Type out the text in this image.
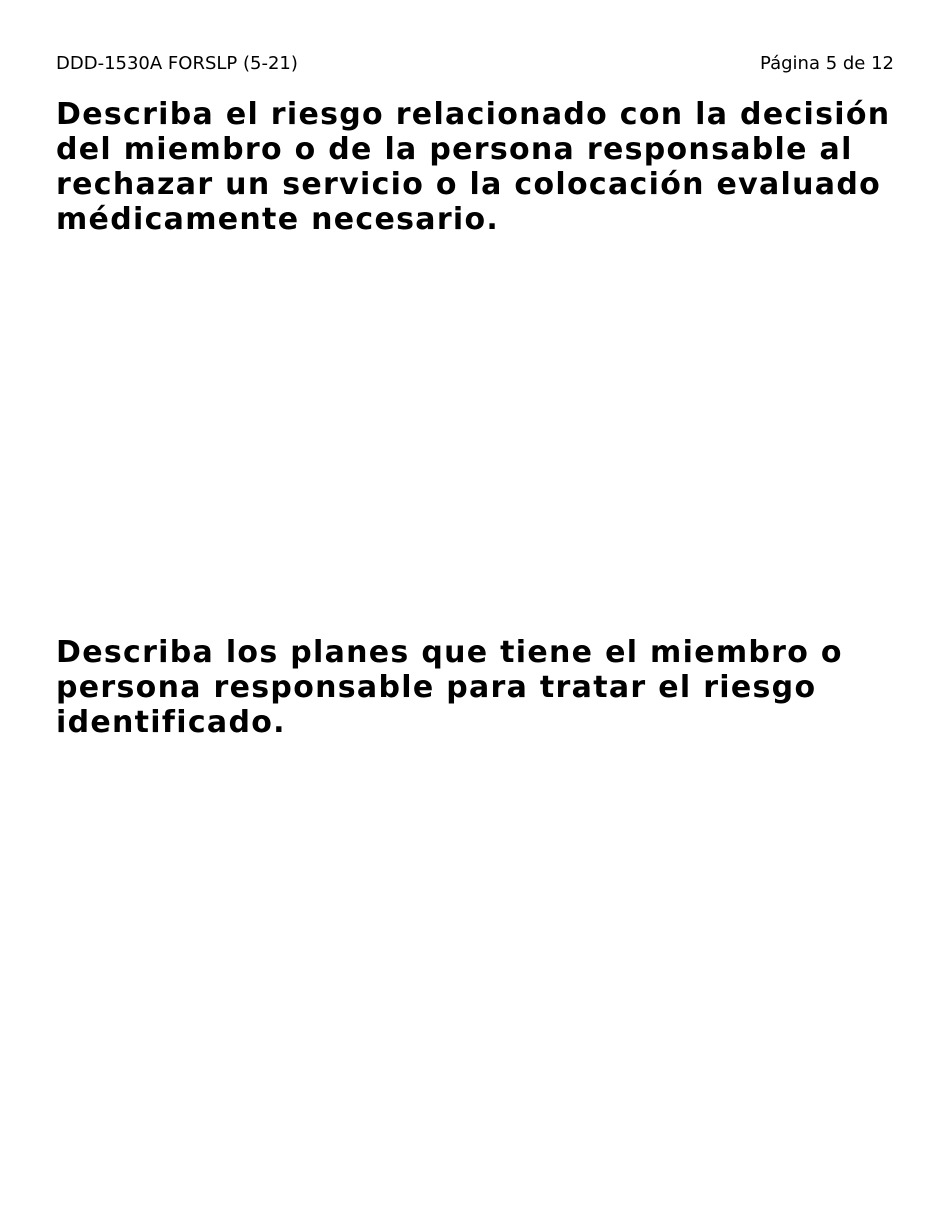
DDD-1530A FORSLP (5-21)	Página 5 de 12
Describa el riesgo relacionado con la decisión del miembro o de la persona responsable al rechazar un servicio o la colocación evaluado médicamente necesario.
Describa los planes que tiene el miembro o persona responsable para tratar el riesgo identificado.
